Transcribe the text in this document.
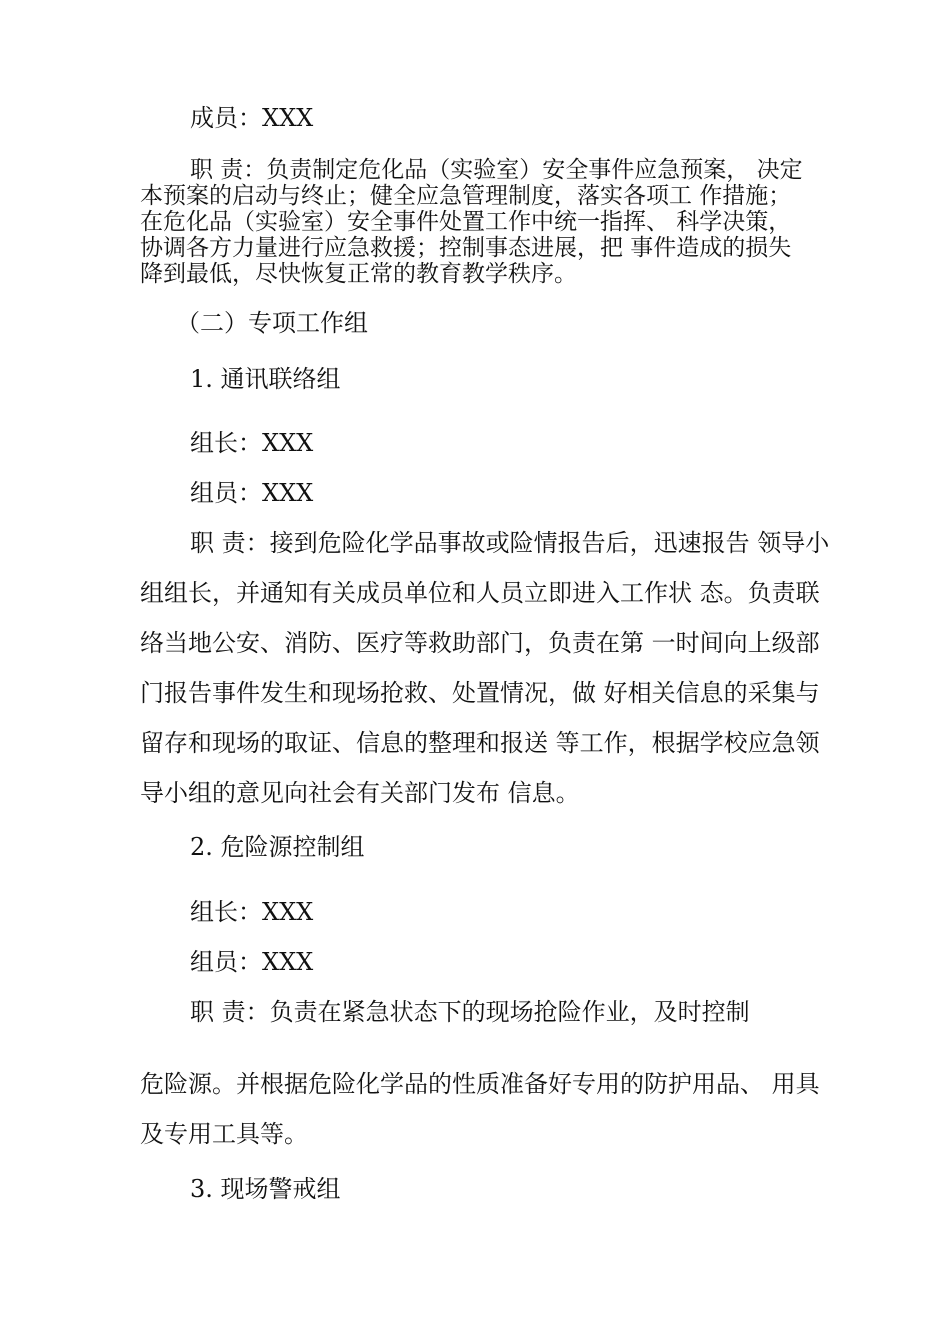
成员：XXX
职 责：负责制定危化品（实验室）安全事件应急预案， 决定
本预案的启动与终止；健全应急管理制度，落实各项工 作措施；
在危化品（实验室）安全事件处置工作中统一指挥、 科学决策，
协调各方力量进行应急救援；控制事态进展，把 事件造成的损失
降到最低，尽快恢复正常的教育教学秩序。
（二）专项工作组
1. 通讯联络组
组长：XXX
组员：XXX
职 责：接到危险化学品事故或险情报告后，迅速报告 领导小
组组长，并通知有关成员单位和人员立即进入工作状 态。负责联
络当地公安、消防、医疗等救助部门，负责在第 一时间向上级部
门报告事件发生和现场抢救、处置情况，做 好相关信息的采集与
留存和现场的取证、信息的整理和报送 等工作，根据学校应急领
导小组的意见向社会有关部门发布 信息。
2. 危险源控制组
组长：XXX
组员：XXX
职 责：负责在紧急状态下的现场抢险作业，及时控制
危险源。并根据危险化学品的性质准备好专用的防护用品、 用具
及专用工具等。
3. 现场警戒组
